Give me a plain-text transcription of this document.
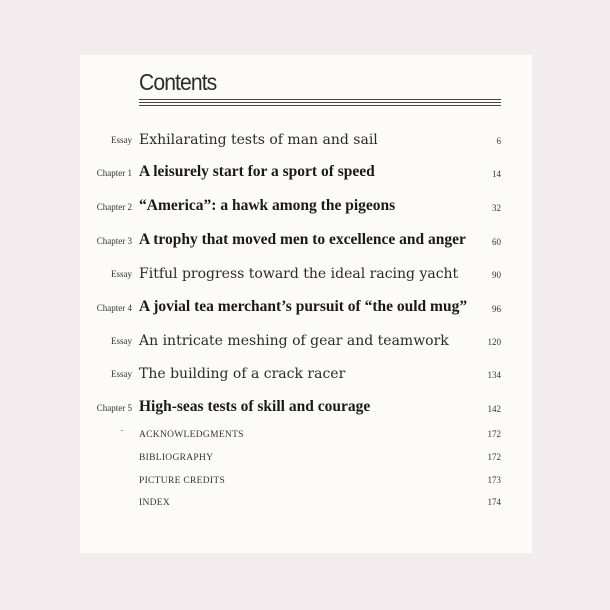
Contents
Essay Exhilarating tests of man and sail	6
Chapter 1 A leisurely start for a sport of speed	14
Chapter 2 “America”: a hawk among the pigeons	32
Chapter 3 A trophy that moved men to excellence and anger	60
Essay Fitful progress toward the ideal racing yacht	90
Chapter 4 A jovial tea merchant’s pursuit of “the ould mug”	96
Essay An intricate meshing of gear and teamwork	120
Essay The building of a crack racer	134
Chapter 5 High-seas tests of skill and courage	142
ACKNOWLEDGMENTS	172
BIBLIOGRAPHY	172
PICTURE CREDITS	173
INDEX	174
